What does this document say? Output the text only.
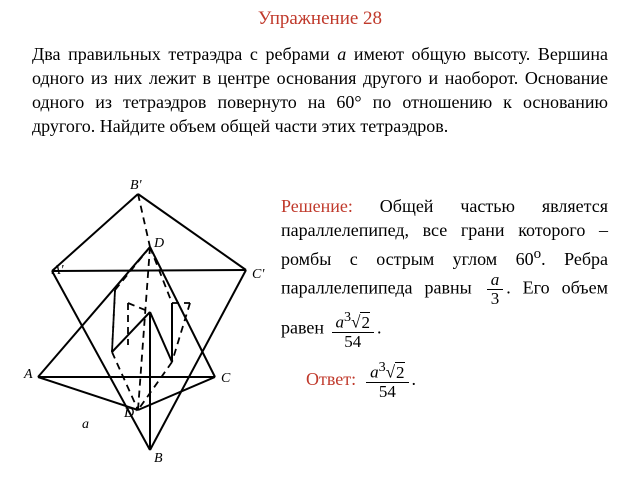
Упражнение 28
Два правильных тетраэдра с ребрами a имеют общую высоту. Вершина одного из них лежит в центре основания другого и наоборот. Основание одного из тетраэдров повернуто на 60° по отношению к основанию другого. Найдите объем общей части этих тетраэдров.
B'
D
A'	C'
A	C
D'
a
B
Решение: Общей частью является параллелепипед, все грани которого – ромбы с острым углом 60$^o$. Ребра параллелепипеда равны $\frac{a}{3}$ . Его объем равен $\frac{a^3√2}{54}$ .
Ответ: $\frac{a^3√2}{54}$ .
